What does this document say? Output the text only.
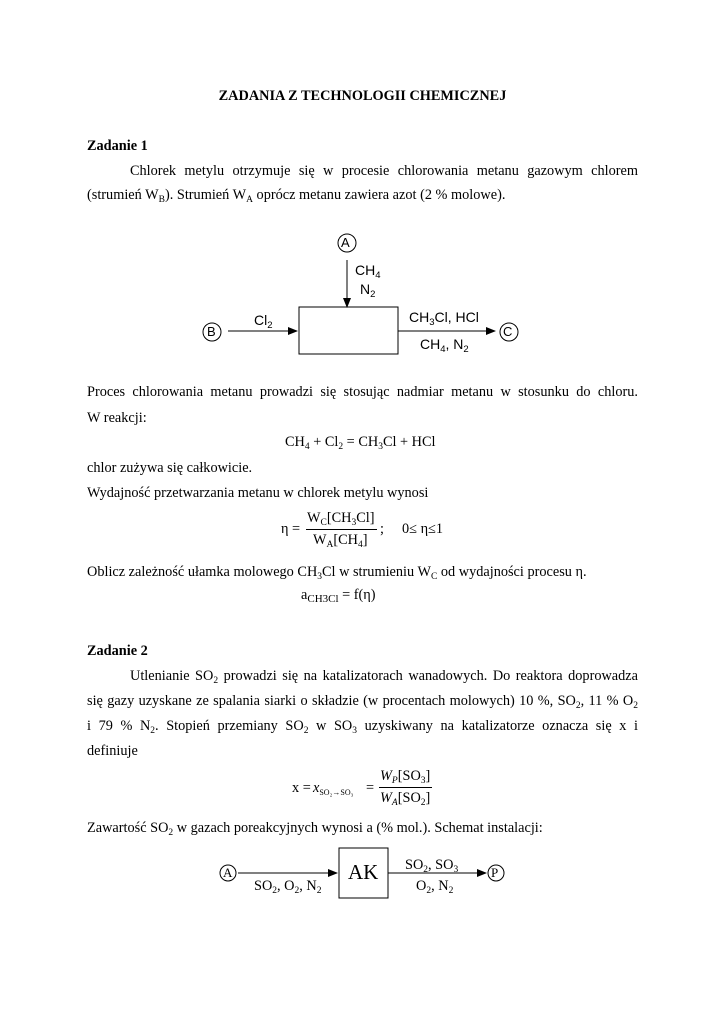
ZADANIA Z TECHNOLOGII CHEMICZNEJ
Zadanie 1
Chlorek metylu otrzymuje się w procesie chlorowania metanu gazowym chlorem
(strumień $W_B$). Strumień $W_A$ oprócz metanu zawiera azot (2 % molowe).
A
B	C
$CH_4$
$N_2$
$Cl_2$
$CH_3Cl$, HCl
$CH_4$, $N_2$
Proces chlorowania metanu prowadzi się stosując nadmiar metanu w stosunku do chloru.
W reakcji:
$CH_4 + Cl_2 = CH_3Cl$ + HCl
chlor zużywa się całkowicie.
Wydajność przetwarzania metanu w chlorek metylu wynosi
η =
$W_C[CH_3Cl]$
$W_A[CH_4]$
; 0≤ η≤1
Oblicz zależność ułamka molowego $CH_3Cl$ w strumieniu $W_C$ od wydajności procesu η.
$a_{CH3Cl} = f(\eta)$
Zadanie 2
Utlenianie $SO_2$ prowadzi się na katalizatorach wanadowych. Do reaktora doprowadza
się gazy uzyskane ze spalania siarki o składzie (w procentach molowych) 10 %, $SO_2$, 11 % $O_2$
i 79 % $N_2$. Stopień przemiany $SO_2$ w $SO_3$ uzyskiwany na katalizatorze oznacza się x i
definiuje
$x = x_{SO_2\to SO_3}$ =
$W_P[SO_3]$
$W_A[SO_2]$
Zawartość $SO_2$ w gazach poreakcyjnych wynosi a (% mol.). Schemat instalacji:
A	P
AK
$SO_2$, $O_2$, $N_2$
$SO_2$, $SO_3$
$O_2$, $N_2$
